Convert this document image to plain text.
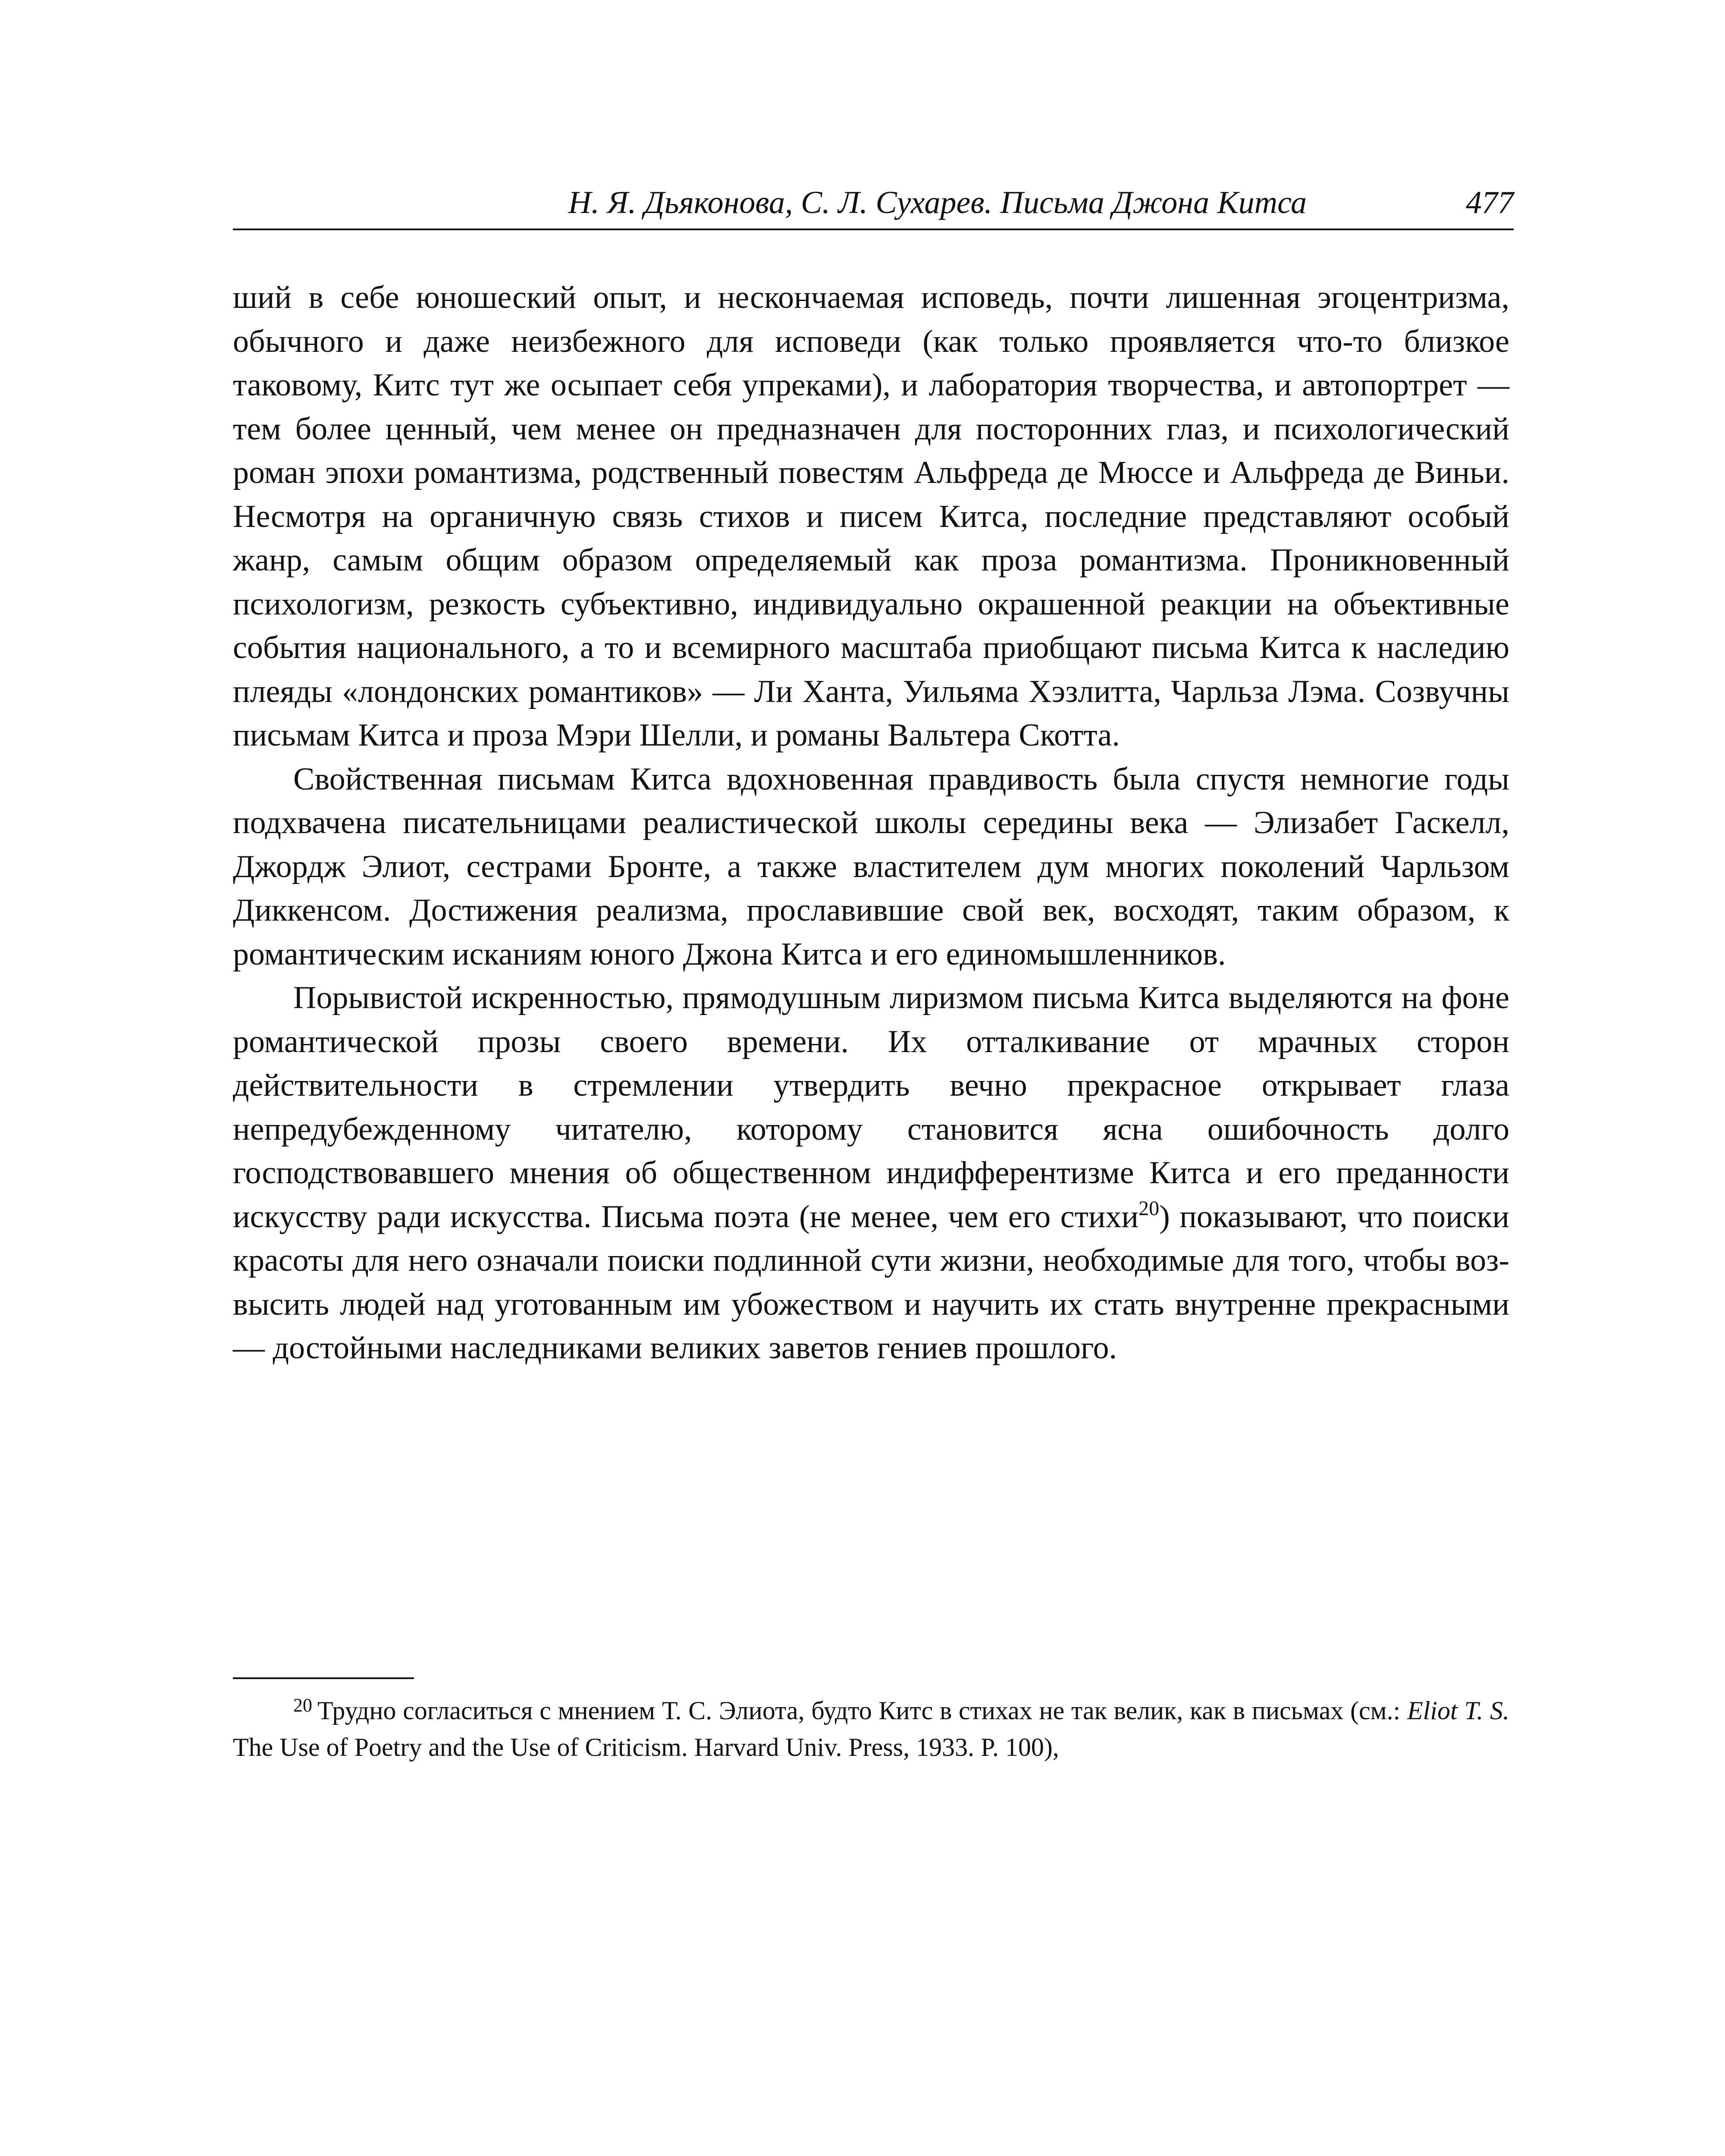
Н. Я. Дьяконова, С. Л. Сухарев. Письма Джона Китса	477

ший в себе юношеский опыт, и нескончаемая исповедь, почти лишенная эгоцентризма, обычного и даже неизбежного для исповеди (как только проявляется что-то близкое таковому, Китс тут же осыпает себя упреками), и лаборатория творчества, и автопортрет — тем более ценный, чем менее он предназначен для посторонних глаз, и психологический роман эпохи романтизма, родственный повестям Альфреда де Мюссе и Альфреда де Виньи. Несмотря на органичную связь стихов и писем Китса, последние представляют особый жанр, самым общим образом определяемый как проза романтизма. Проникновенный психологизм, резкость субъективно, индивидуально окрашенной реакции на объективные события национального, а то и всемирного масштаба приобщают письма Китса к наследию плеяды «лондонских романтиков» — Ли Ханта, Уильяма Хэзлитта, Чарльза Лэма. Созвучны письмам Китса и проза Мэри Шелли, и романы Вальтера Скотта.

Свойственная письмам Китса вдохновенная правдивость была спустя немногие годы подхвачена писательницами реалистической школы середины века — Элизабет Гаскелл, Джордж Элиот, сестрами Бронте, а также властителем дум многих поколений Чарльзом Диккенсом. Достижения реализма, прославившие свой век, восходят, таким образом, к романтическим исканиям юного Джона Китса и его единомышленников.

Порывистой искренностью, прямодушным лиризмом письма Китса выделяются на фоне романтической прозы своего времени. Их отталкивание от мрачных сторон действительности в стремлении утвердить вечно прекрасное открывает глаза непредубежденному читателю, которому становится ясна ошибочность долго господствовавшего мнения об общественном индифферентизме Китса и его преданности искусству ради искусства. Письма поэта (не менее, чем его стихи$^{20}$) показывают, что поиски красоты для него означали поиски подлинной сути жизни, необходимые для того, чтобы возвысить людей над уготованным им убожеством и научить их стать внутренне прекрасными — достойными наследниками великих заветов гениев прошлого.

$^{20}$ Трудно согласиться с мнением Т. С. Элиота, будто Китс в стихах не так велик, как в письмах (см.: Eliot T. S. The Use of Poetry and the Use of Criticism. Harvard Univ. Press, 1933. P. 100),
